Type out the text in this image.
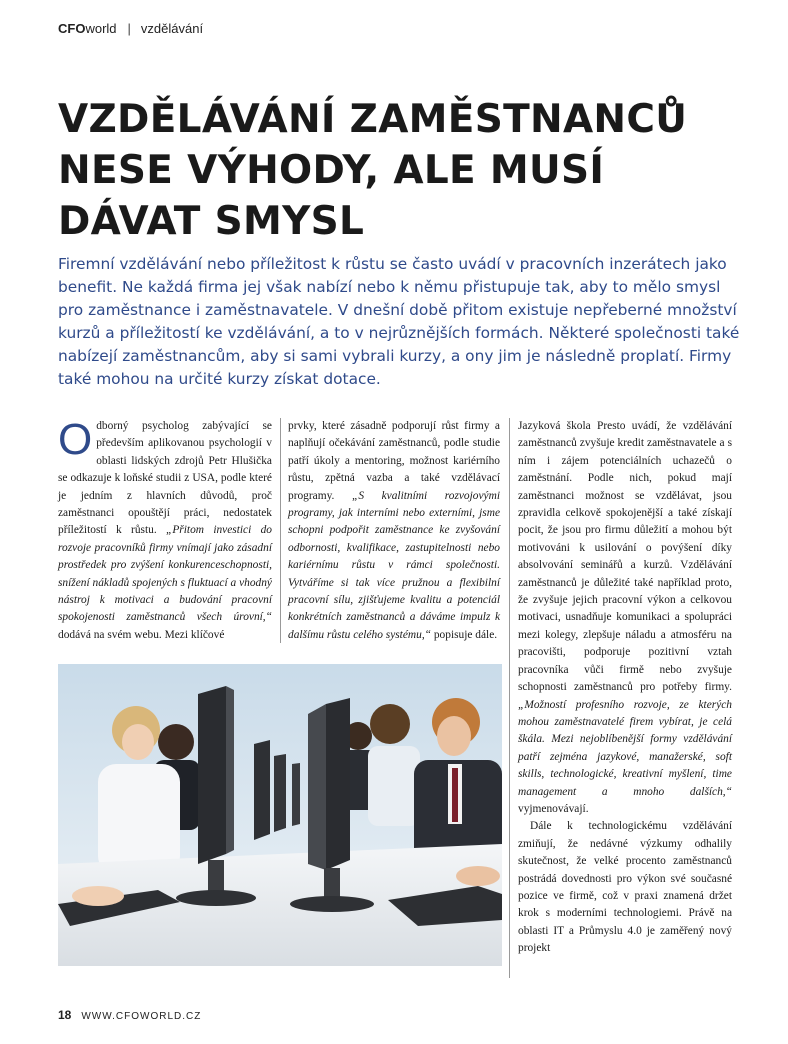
CFOworld | vzdělávání
VZDĚLÁVÁNÍ ZAMĚSTNANCŮ
NESE VÝHODY, ALE MUSÍ
DÁVAT SMYSL

Firemní vzdělávání nebo příležitost k růstu se často uvádí v pracovních inzerátech jako benefit. Ne každá firma jej však nabízí nebo k němu přistupuje tak, aby to mělo smysl pro zaměstnance i zaměstnavatele. V dnešní době přitom existuje nepřeberné množství kurzů a příležitostí ke vzdělávání, a to v nejrůznějších formách. Některé společnosti také nabízejí zaměstnancům, aby si sami vybrali kurzy, a ony jim je následně proplatí. Firmy také mohou na určité kurzy získat dotace.

Odborný psycholog zabývající se především aplikovanou psychologií v oblasti lidských zdrojů Petr Hlušička se odkazuje k loňské studii z USA, podle které je jedním z hlavních důvodů, proč zaměstnanci opouštějí práci, nedostatek příležitostí k růstu. „Přitom investici do rozvoje pracovníků firmy vnímají jako zásadní prostředek pro zvýšení konkurenceschopnosti, snížení nákladů spojených s fluktuací a vhodný nástroj k motivaci a budování pracovní spokojenosti zaměstnanců všech úrovní,“ dodává na svém webu. Mezi klíčové

prvky, které zásadně podporují růst firmy a naplňují očekávání zaměstnanců, podle studie patří úkoly a mentoring, možnost kariérního růstu, zpětná vazba a také vzdělávací programy. „S kvalitními rozvojovými programy, jak interními nebo externími, jsme schopni podpořit zaměstnance ke zvyšování odbornosti, kvalifikace, zastupitelnosti nebo kariérnímu růstu v rámci společnosti. Vytváříme si tak více pružnou a flexibilní pracovní sílu, zjišťujeme kvalitu a potenciál konkrétních zaměstnanců a dáváme impulz k dalšímu růstu celého systému,“ popisuje dále.

Jazyková škola Presto uvádí, že vzdělávání zaměstnanců zvyšuje kredit zaměstnavatele a s ním i zájem potenciálních uchazečů o zaměstnání. Podle nich, pokud mají zaměstnanci možnost se vzdělávat, jsou zpravidla celkově spokojenější a také získají pocit, že jsou pro firmu důležití a mohou být motivováni k usilování o povýšení díky absolvování seminářů a kurzů. Vzdělávání zaměstnanců je důležité také například proto, že zvyšuje jejich pracovní výkon a celkovou motivaci, usnadňuje komunikaci a spolupráci mezi kolegy, zlepšuje náladu a atmosféru na pracovišti, podporuje pozitivní vztah pracovníka vůči firmě nebo zvyšuje schopnosti zaměstnanců pro potřeby firmy. „Možností profesního rozvoje, ze kterých mohou zaměstnavatelé firem vybírat, je celá škála. Mezi nejoblíbenější formy vzdělávání patří zejména jazykové, manažerské, soft skills, technologické, kreativní myšlení, time management a mnoho dalších,“ vyjmenovávají.

Dále k technologickému vzdělávání zmiňují, že nedávné výzkumy odhalily skutečnost, že velké procento zaměstnanců postrádá dovednosti pro výkon své současné pozice ve firmě, což v praxi znamená držet krok s moderními technologiemi. Právě na oblasti IT a Průmyslu 4.0 je zaměřený nový projekt

18 WWW.CFOWORLD.CZ
